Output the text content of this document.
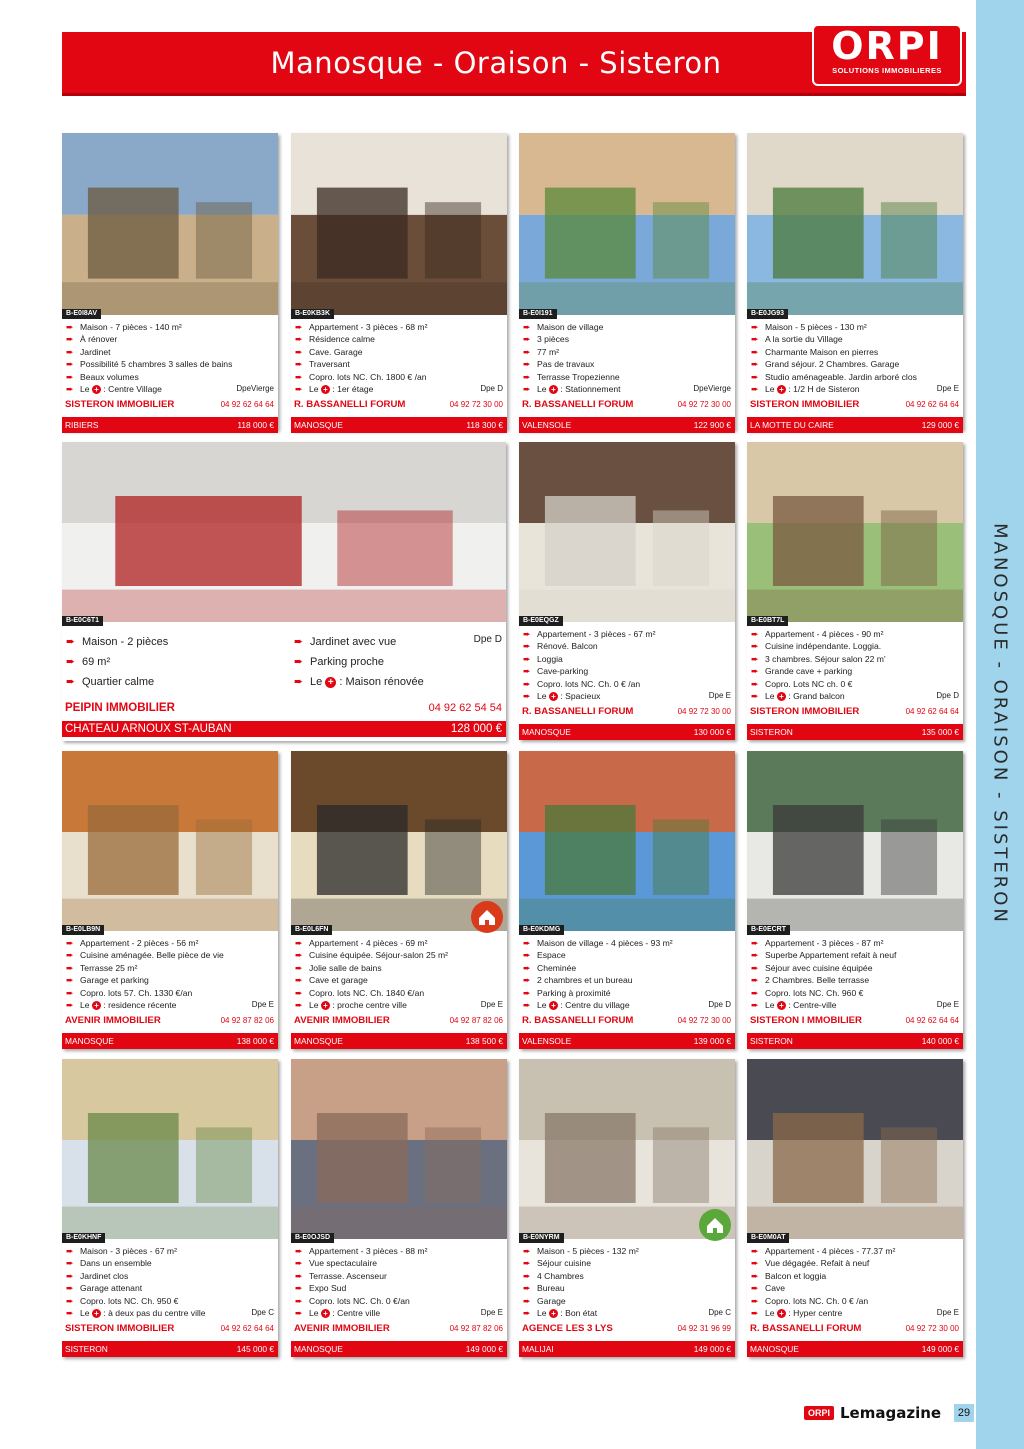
MANOSQUE - ORAISON - SISTERON
Manosque - Oraison - Sisteron	ORPI
SOLUTIONS IMMOBILIERES
B-E0I8AV
➨ Maison - 7 pièces - 140 m²
➨ À rénover
➨ Jardinet
➨ Possibilité 5 chambres 3 salles de bains
➨ Beaux volumes
➨ Le + : Centre Village	DpeVierge
SISTERON IMMOBILIER	04 92 62 64 64
RIBIERS	118 000 €
B-E0KB3K
➨ Appartement - 3 pièces - 68 m²
➨ Résidence calme
➨ Cave. Garage
➨ Traversant
➨ Copro. lots NC. Ch. 1800 € /an
➨ Le + : 1er étage	Dpe D
R. BASSANELLI FORUM	04 92 72 30 00
MANOSQUE	118 300 €
B-E0I191
➨ Maison de village
➨ 3 pièces
➨ 77 m²
➨ Pas de travaux
➨ Terrasse Tropezienne
➨ Le + : Stationnement	DpeVierge
R. BASSANELLI FORUM	04 92 72 30 00
VALENSOLE	122 900 €
B-E0JG93
➨ Maison - 5 pièces - 130 m²
➨ A la sortie du Village
➨ Charmante Maison en pierres
➨ Grand séjour. 2 Chambres. Garage
➨ Studio aménageable. Jardin arboré clos
➨ Le + : 1/2 H de Sisteron	Dpe E
SISTERON IMMOBILIER	04 92 62 64 64
LA MOTTE DU CAIRE	129 000 €
B-E0C6T1
➨ Maison - 2 pièces
➨ 69 m²
➨ Quartier calme
➨ Jardinet avec vue
➨ Parking proche
➨ Le + : Maison rénovée
Dpe D
PEIPIN IMMOBILIER	04 92 62 54 54
CHATEAU ARNOUX ST-AUBAN	128 000 €
B-E0EQGZ
➨ Appartement - 3 pièces - 67 m²
➨ Rénové. Balcon
➨ Loggia
➨ Cave-parking
➨ Copro. lots NC. Ch. 0 € /an
➨ Le + : Spacieux	Dpe E
R. BASSANELLI FORUM	04 92 72 30 00
MANOSQUE	130 000 €
B-E0BT7L
➨ Appartement - 4 pièces - 90 m²
➨ Cuisine indépendante. Loggia.
➨ 3 chambres. Séjour salon 22 m'
➨ Grande cave + parking
➨ Copro. Lots NC ch. 0 €
➨ Le + : Grand balcon	Dpe D
SISTERON IMMOBILIER	04 92 62 64 64
SISTERON	135 000 €
B-E0LB9N
➨ Appartement - 2 pièces - 56 m²
➨ Cuisine aménagée. Belle pièce de vie
➨ Terrasse 25 m²
➨ Garage et parking
➨ Copro. lots 57. Ch. 1330 €/an
➨ Le + : residence récente	Dpe E
AVENIR IMMOBILIER	04 92 87 82 06
MANOSQUE	138 000 €
B-E0L6FN
➨ Appartement - 4 pièces - 69 m²
➨ Cuisine équipée. Séjour-salon 25 m²
➨ Jolie salle de bains
➨ Cave et garage
➨ Copro. lots NC. Ch. 1840 €/an
➨ Le + : proche centre ville	Dpe E
AVENIR IMMOBILIER	04 92 87 82 06
MANOSQUE	138 500 €
B-E0KDMG
➨ Maison de village - 4 pièces - 93 m²
➨ Espace
➨ Cheminée
➨ 2 chambres et un bureau
➨ Parking à proximité
➨ Le + : Centre du village	Dpe D
R. BASSANELLI FORUM	04 92 72 30 00
VALENSOLE	139 000 €
B-E0ECRT
➨ Appartement - 3 pièces - 87 m²
➨ Superbe Appartement refait à neuf
➨ Séjour avec cuisine équipée
➨ 2 Chambres. Belle terrasse
➨ Copro. lots NC. Ch. 960 €
➨ Le + : Centre-ville	Dpe E
SISTERON I MMOBILIER	04 92 62 64 64
SISTERON	140 000 €
B-E0KHNF
➨ Maison - 3 pièces - 67 m²
➨ Dans un ensemble
➨ Jardinet clos
➨ Garage attenant
➨ Copro. lots NC. Ch. 950 €
➨ Le + : à deux pas du centre ville	Dpe C
SISTERON IMMOBILIER	04 92 62 64 64
SISTERON	145 000 €
B-E0OJSD
➨ Appartement - 3 pièces - 88 m²
➨ Vue spectaculaire
➨ Terrasse. Ascenseur
➨ Expo Sud
➨ Copro. lots NC. Ch. 0 €/an
➨ Le + : Centre ville	Dpe E
AVENIR IMMOBILIER	04 92 87 82 06
MANOSQUE	149 000 €
B-E0NYRM
➨ Maison - 5 pièces - 132 m²
➨ Séjour cuisine
➨ 4 Chambres
➨ Bureau
➨ Garage
➨ Le + : Bon état	Dpe C
AGENCE LES 3 LYS	04 92 31 96 99
MALIJAI	149 000 €
B-E0M0AT
➨ Appartement - 4 pièces - 77.37 m²
➨ Vue dégagée. Refait à neuf
➨ Balcon et loggia
➨ Cave
➨ Copro. lots NC. Ch. 0 € /an
➨ Le + : Hyper centre	Dpe E
R. BASSANELLI FORUM	04 92 72 30 00
MANOSQUE	149 000 €
ORPI Lemagazine	29
